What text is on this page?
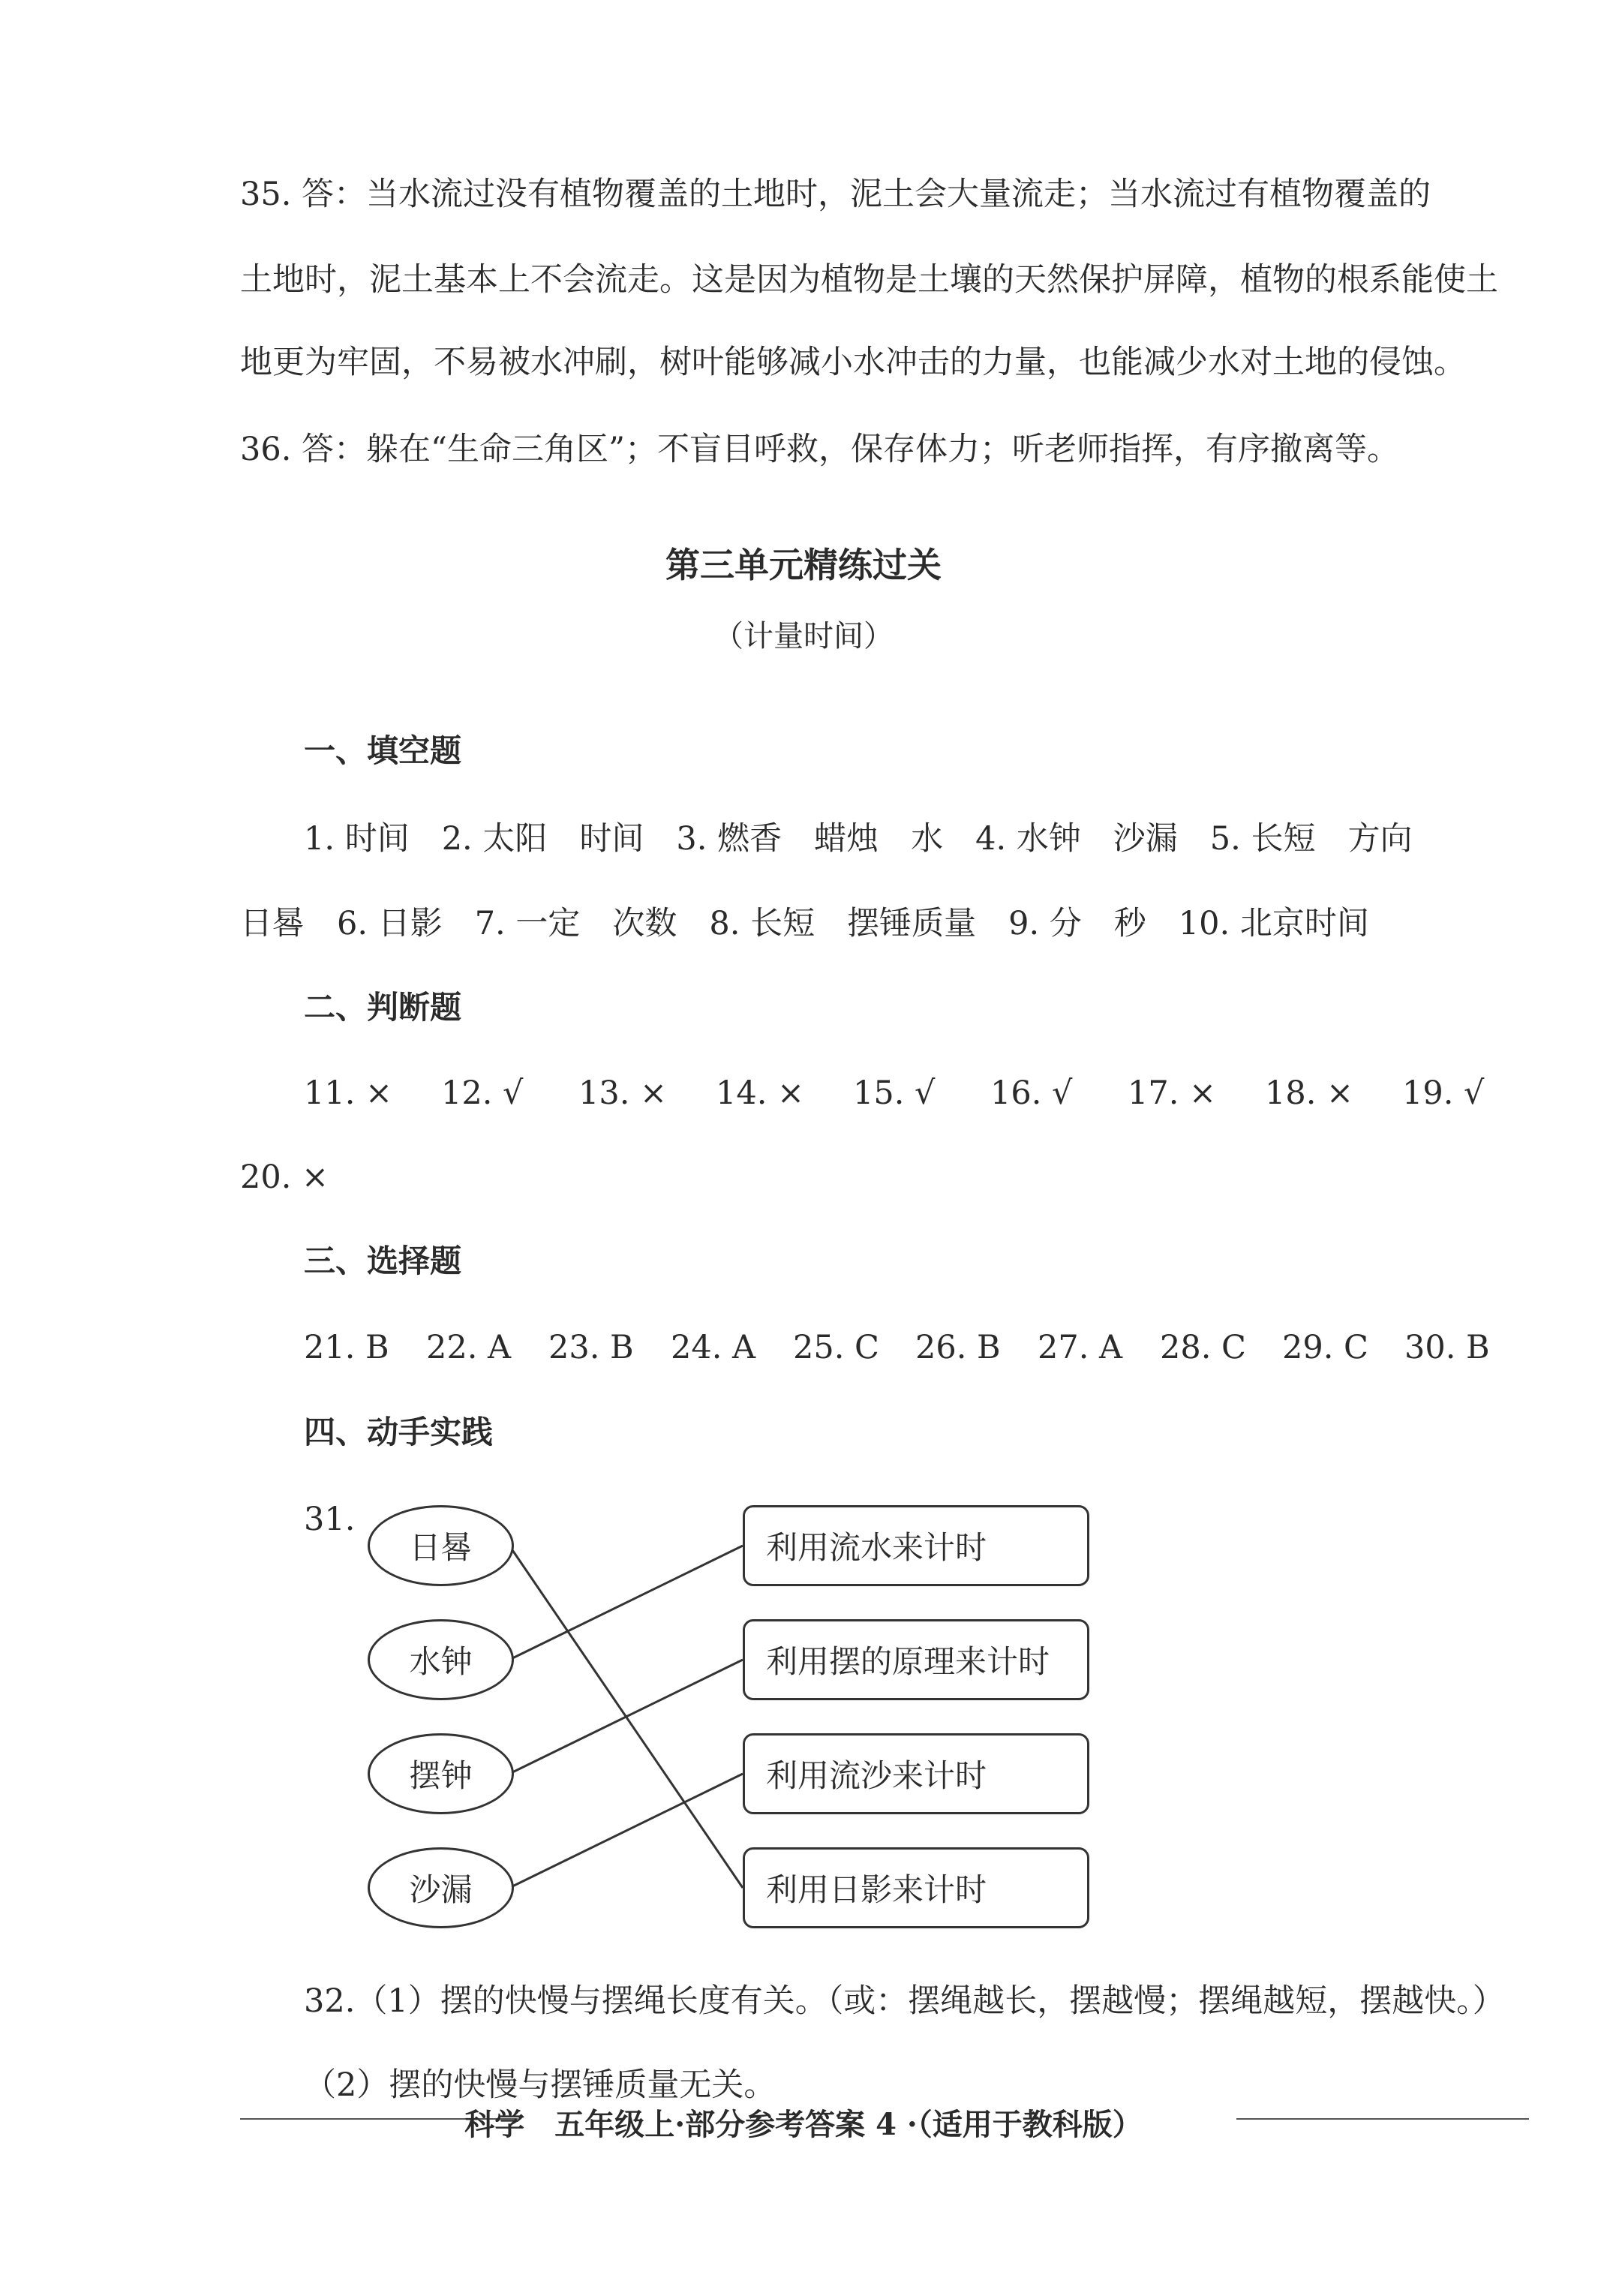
35. 答：当水流过没有植物覆盖的土地时，泥土会大量流走；当水流过有植物覆盖的
土地时，泥土基本上不会流走。这是因为植物是土壤的天然保护屏障，植物的根系能使土
地更为牢固，不易被水冲刷，树叶能够减小水冲击的力量，也能减少水对土地的侵蚀。
36. 答：躲在“生命三角区”；不盲目呼救，保存体力；听老师指挥，有序撤离等。
第三单元精练过关
（计量时间）
一、填空题
1. 时间　2. 太阳　时间　3. 燃香　蜡烛　水　4. 水钟　沙漏　5. 长短　方向
日晷　6. 日影　7. 一定　次数　8. 长短　摆锤质量　9. 分　秒　10. 北京时间
二、判断题
11. × 12. √ 13. × 14. × 15. √ 16. √ 17. × 18. × 19. √
20. ×
三、选择题
21. B 22. A 23. B 24. A 25. C 26. B 27. A 28. C 29. C 30. B
四、动手实践
31.
日晷
水钟
摆钟
沙漏
利用流水来计时
利用摆的原理来计时
利用流沙来计时
利用日影来计时
32.（1）摆的快慢与摆绳长度有关。（或：摆绳越长，摆越慢；摆绳越短，摆越快。）
（2）摆的快慢与摆锤质量无关。
科学　五年级上·部分参考答案 4 ·（适用于教科版）
